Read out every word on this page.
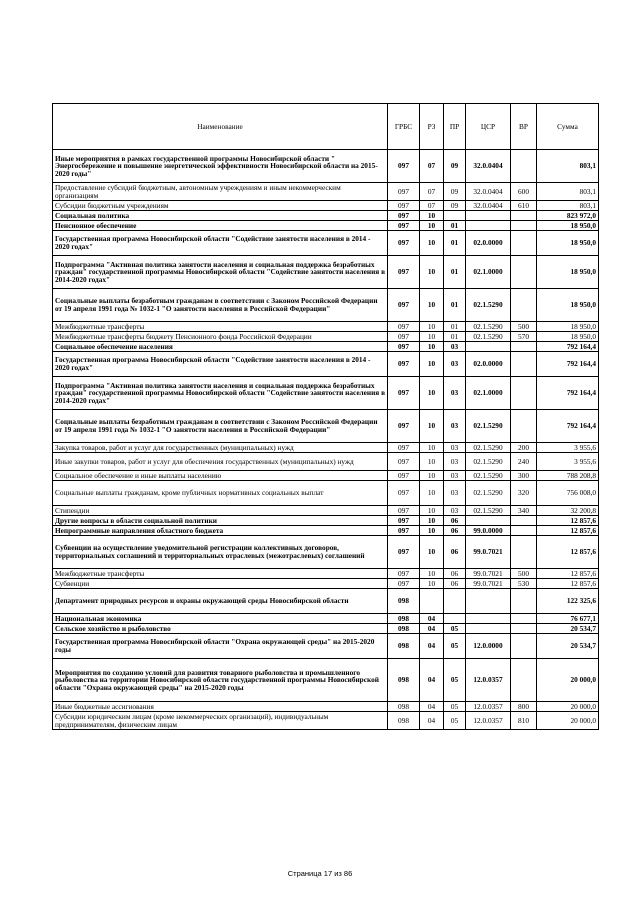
Наименование	ГРБС	РЗ	ПР	ЦСР	ВР	Сумма
Иные мероприятия в рамках государственной программы Новосибирской области " Энергосбережение и повышение энергетической эффективности Новосибирской области на 2015- 2020 годы"	097	07	09	32.0.0404		803,1
Предоставление субсидий бюджетным, автономным учреждениям и иным некоммерческим организациям	097	07	09	32.0.0404	600	803,1
Субсидии бюджетным учреждениям	097	07	09	32.0.0404	610	803,1
Социальная политика	097	10				823 972,0
Пенсионное обеспечение	097	10	01			18 950,0
Государственная программа Новосибирской области "Содействие занятости населения в 2014 - 2020 годах"	097	10	01	02.0.0000		18 950,0
Подпрограмма "Активная политика занятости населения и социальная поддержка безработных граждан" государственной программы Новосибирской области "Содействие занятости населения в 2014-2020 годах"	097	10	01	02.1.0000		18 950,0
Социальные выплаты безработным гражданам в соответствии с Законом Российской Федерации от 19 апреля 1991 года № 1032-1 "О занятости населения в Российской Федерации"	097	10	01	02.1.5290		18 950,0
Межбюджетные трансферты	097	10	01	02.1.5290	500	18 950,0
Межбюджетные трансферты бюджету Пенсионного фонда Российской Федерации	097	10	01	02.1.5290	570	18 950,0
Социальное обеспечение населения	097	10	03			792 164,4
Государственная программа Новосибирской области "Содействие занятости населения в 2014 - 2020 годах"	097	10	03	02.0.0000		792 164,4
Подпрограмма "Активная политика занятости населения и социальная поддержка безработных граждан" государственной программы Новосибирской области "Содействие занятости населения в 2014-2020 годах"	097	10	03	02.1.0000		792 164,4
Социальные выплаты безработным гражданам в соответствии с Законом Российской Федерации от 19 апреля 1991 года № 1032-1 "О занятости населения в Российской Федерации"	097	10	03	02.1.5290		792 164,4
Закупка товаров, работ и услуг для государственных (муниципальных) нужд	097	10	03	02.1.5290	200	3 955,6
Иные закупки товаров, работ и услуг для обеспечения государственных (муниципальных) нужд	097	10	03	02.1.5290	240	3 955,6
Социальное обеспечение и иные выплаты населению	097	10	03	02.1.5290	300	788 208,8
Социальные выплаты гражданам, кроме публичных нормативных социальных выплат	097	10	03	02.1.5290	320	756 008,0
Стипендии	097	10	03	02.1.5290	340	32 200,8
Другие вопросы в области социальной политики	097	10	06			12 857,6
Непрограммные направления областного бюджета	097	10	06	99.0.0000		12 857,6
Субвенции на осуществление уведомительной регистрации коллективных договоров, территориальных соглашений и территориальных отраслевых (межотраслевых) соглашений	097	10	06	99.0.7021		12 857,6
Межбюджетные трансферты	097	10	06	99.0.7021	500	12 857,6
Субвенции	097	10	06	99.0.7021	530	12 857,6
Департамент природных ресурсов и охраны окружающей среды Новосибирской области	098					122 325,6
Национальная экономика	098	04				76 677,1
Сельское хозяйство и рыболовство	098	04	05			20 534,7
Государственная программа Новосибирской области "Охрана окружающей среды" на 2015-2020 годы	098	04	05	12.0.0000		20 534,7
Мероприятия по созданию условий для развития товарного рыболовства и промышленного рыболовства на территории Новосибирской области государственной программы Новосибирской области "Охрана окружающей среды" на 2015-2020 годы	098	04	05	12.0.0357		20 000,0
Иные бюджетные ассигнования	098	04	05	12.0.0357	800	20 000,0
Субсидии юридическим лицам (кроме некоммерческих организаций), индивидуальным предпринимателям, физическим лицам	098	04	05	12.0.0357	810	20 000,0
Страница 17 из 86
